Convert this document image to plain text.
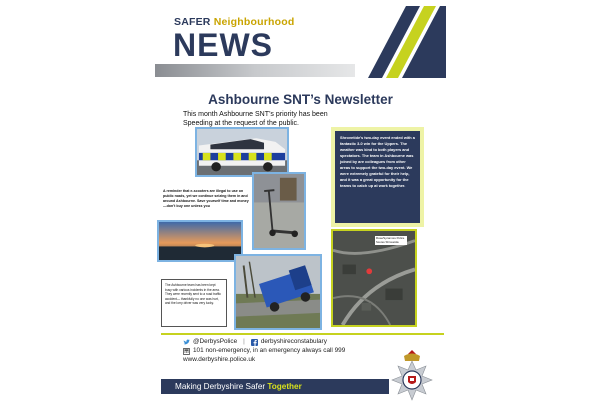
SAFER Neighbourhood
NEWS
Ashbourne SNT’s Newsletter
This month Ashbourne SNT’s priority has been Speeding at the request of the public.
A reminder that e-scooters are illegal to use on public roads, yet we continue seizing them in and around Ashbourne. Save yourself time and money—don’t buy one unless you
Shrovetide’s two-day event ended with a fantastic 3-0 win for the Uppers. The weather was kind to both players and spectators. The team in Ashbourne was joined by are colleagues from other areas to support the two-day event. We were extremely grateful for their help, and it was a great opportunity for the teams to catch up at work together.
Rose/Sycamore Police Scores Shrovetide
The Ashbourne team has been kept busy with various incidents in the area. They were recently sent to a road traffic accident— thankfully no one was hurt, and the lorry driver was very lucky.
@DerbysPolice |	derbyshireconstabulary
101 non-emergency, in an emergency always call 999
www.derbyshire.police.uk
Making Derbyshire Safer Together
